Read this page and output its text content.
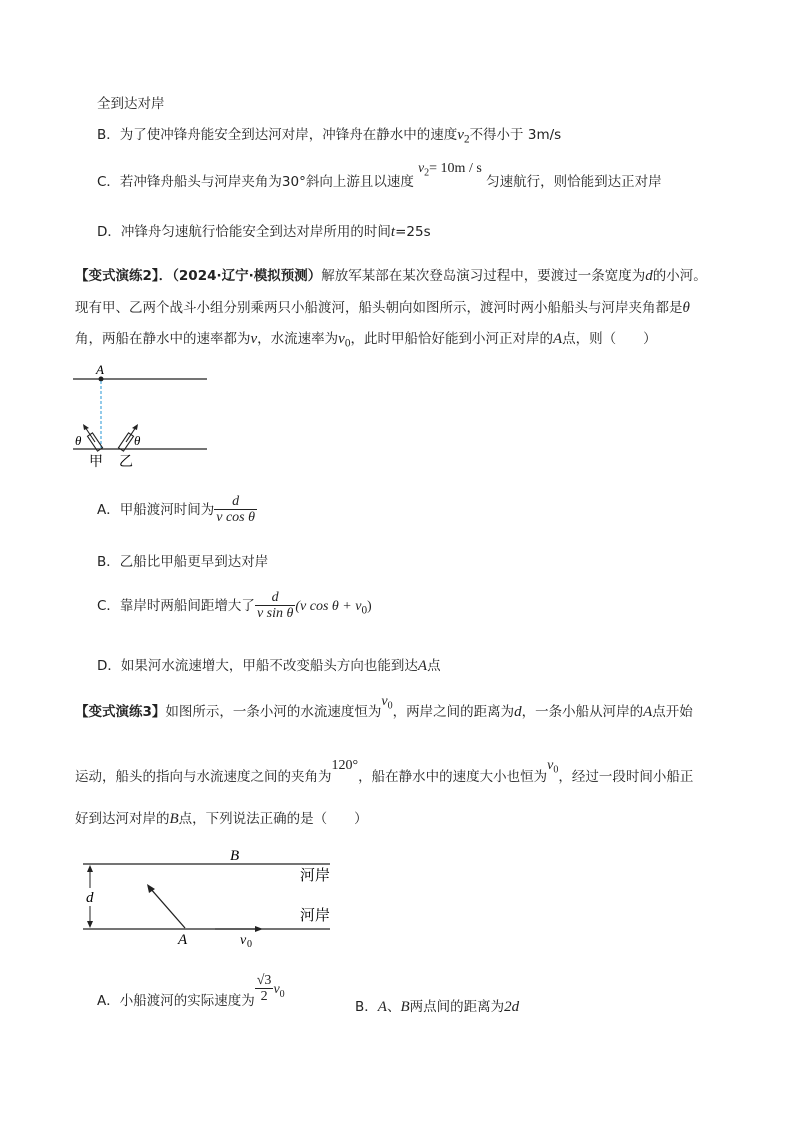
全到达对岸
B．为了使冲锋舟能安全到达河对岸，冲锋舟在静水中的速度$v_2$不得小于 3m/s
C．若冲锋舟船头与河岸夹角为30°斜向上游且以速度 $v_2= 10m / s$ 匀速航行，则恰能到达正对岸
D．冲锋舟匀速航行恰能安全到达对岸所用的时间t=25s
【变式演练2】．（2024·辽宁·模拟预测）解放军某部在某次登岛演习过程中，要渡过一条宽度为d的小河。
现有甲、乙两个战斗小组分别乘两只小船渡河，船头朝向如图所示，渡河时两小船船头与河岸夹角都是θ
角，两船在静水中的速率都为v，水流速率为$v_0$，此时甲船恰好能到小河正对岸的A点，则（　　）
A
θ	θ
甲 乙
A．甲船渡河时间为 $\frac{d}{\text{v cos θ}}$
B．乙船比甲船更早到达对岸
C．靠岸时两船间距增大了 $\frac{d}{\text{v sin θ}} (v$ $\cos \theta + v_0$)
D．如果河水流速增大，甲船不改变船头方向也能到达A点
【变式演练3】如图所示，一条小河的水流速度恒为$v_0$，两岸之间的距离为d，一条小船从河岸的A点开始
运动，船头的指向与水流速度之间的夹角为120°，船在静水中的速度大小也恒为$v_0$，经过一段时间小船正
好到达河对岸的B点，下列说法正确的是（　　）
B
河岸
河岸
d
A	v 0
A．小船渡河的实际速度为 $\frac{√3}{2} v_0$
B．A、B两点间的距离为2d
